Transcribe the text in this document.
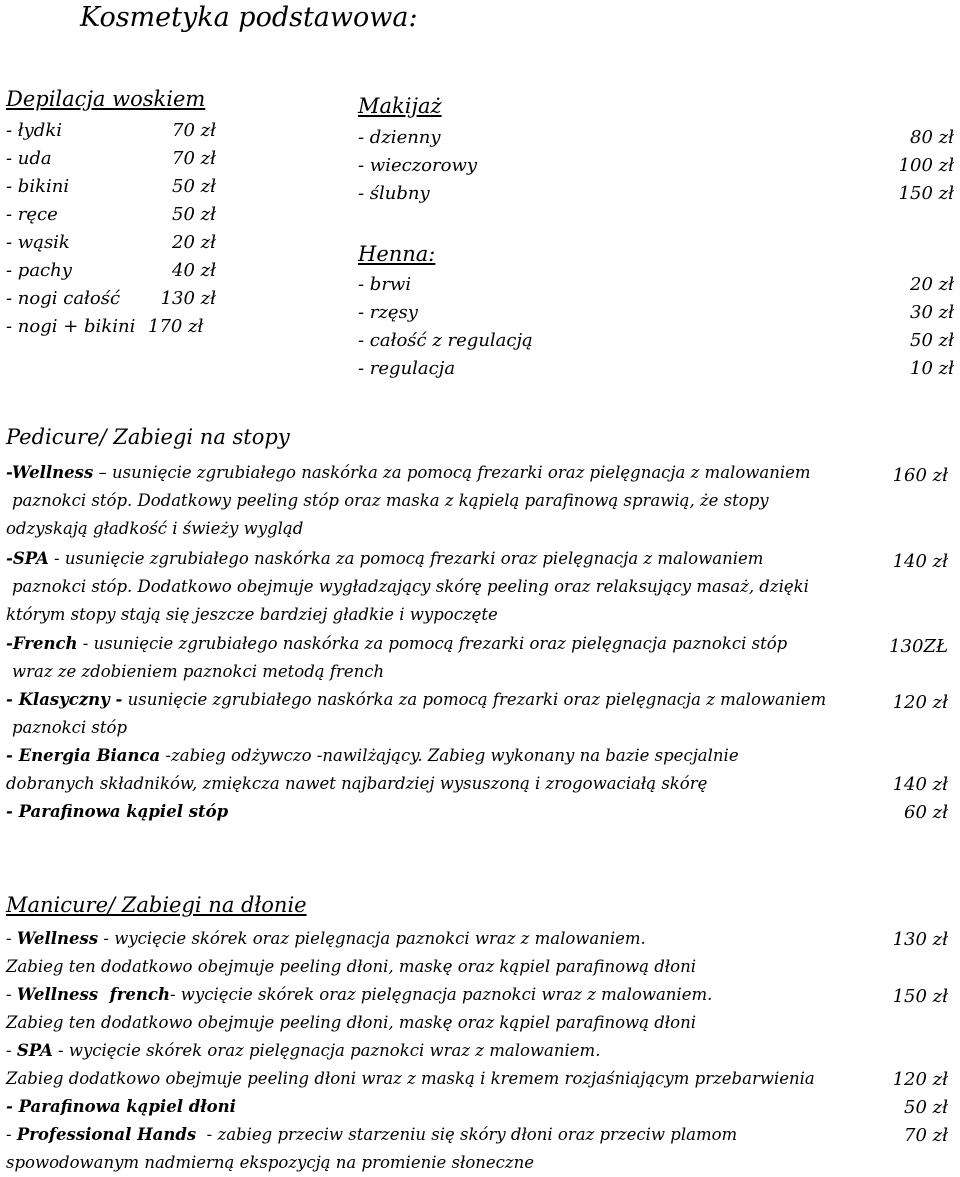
Kosmetyka podstawowa:
Depilacja woskiem
- łydki	70 zł
- uda	70 zł
- bikini	50 zł
- ręce	50 zł
- wąsik	20 zł
- pachy	40 zł
- nogi całość 130 zł
- nogi + bikini 170 zł
Makijaż
- dzienny	80 zł
- wieczorowy	100 zł
- ślubny	150 zł
Henna:
- brwi	20 zł
- rzęsy	30 zł
- całość z regulacją	50 zł
- regulacja	10 zł
Pedicure/ Zabiegi na stopy
-Wellness – usunięcie zgrubiałego naskórka za pomocą frezarki oraz pielęgnacja z malowaniem	160 zł
paznokci stóp. Dodatkowy peeling stóp oraz maska z kąpielą parafinową sprawią, że stopy
odzyskają gładkość i świeży wygląd
-SPA - usunięcie zgrubiałego naskórka za pomocą frezarki oraz pielęgnacja z malowaniem	140 zł
paznokci stóp. Dodatkowo obejmuje wygładzający skórę peeling oraz relaksujący masaż, dzięki
którym stopy stają się jeszcze bardziej gładkie i wypoczęte
-French - usunięcie zgrubiałego naskórka za pomocą frezarki oraz pielęgnacja paznokci stóp	130ZŁ
wraz ze zdobieniem paznokci metodą french
- Klasyczny - usunięcie zgrubiałego naskórka za pomocą frezarki oraz pielęgnacja z malowaniem	120 zł
paznokci stóp
- Energia Bianca -zabieg odżywczo -nawilżający. Zabieg wykonany na bazie specjalnie
dobranych składników, zmiękcza nawet najbardziej wysuszoną i zrogowaciałą skórę	140 zł
- Parafinowa kąpiel stóp	60 zł
Manicure/ Zabiegi na dłonie
- Wellness - wycięcie skórek oraz pielęgnacja paznokci wraz z malowaniem.	130 zł
Zabieg ten dodatkowo obejmuje peeling dłoni, maskę oraz kąpiel parafinową dłoni
- Wellness  french- wycięcie skórek oraz pielęgnacja paznokci wraz z malowaniem.	150 zł
Zabieg ten dodatkowo obejmuje peeling dłoni, maskę oraz kąpiel parafinową dłoni
- SPA - wycięcie skórek oraz pielęgnacja paznokci wraz z malowaniem.
Zabieg dodatkowo obejmuje peeling dłoni wraz z maską i kremem rozjaśniającym przebarwienia	120 zł
- Parafinowa kąpiel dłoni	50 zł
- Professional Hands  - zabieg przeciw starzeniu się skóry dłoni oraz przeciw plamom	70 zł
spowodowanym nadmierną ekspozycją na promienie słoneczne
